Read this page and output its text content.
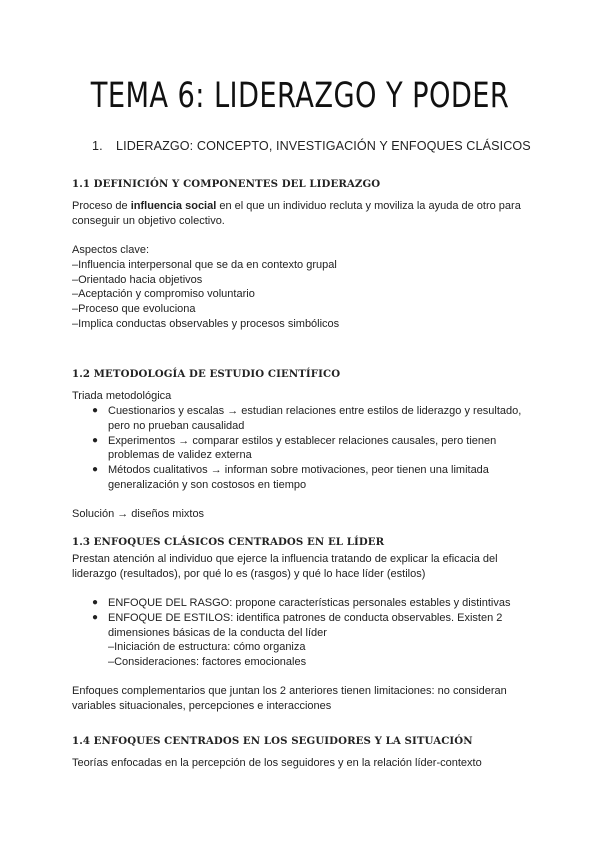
TEMA 6: LIDERAZGO Y PODER
1. LIDERAZGO: CONCEPTO, INVESTIGACIÓN Y ENFOQUES CLÁSICOS
1.1 DEFINICIÓN Y COMPONENTES DEL LIDERAZGO
Proceso de influencia social en el que un individuo recluta y moviliza la ayuda de otro para
conseguir un objetivo colectivo.
Aspectos clave:
–Influencia interpersonal que se da en contexto grupal
–Orientado hacia objetivos
–Aceptación y compromiso voluntario
–Proceso que evoluciona
–Implica conductas observables y procesos simbólicos
1.2 METODOLOGÍA DE ESTUDIO CIENTÍFICO
Triada metodológica
● Cuestionarios y escalas → estudian relaciones entre estilos de liderazgo y resultado,
pero no prueban causalidad
● Experimentos → comparar estilos y establecer relaciones causales, pero tienen
problemas de validez externa
● Métodos cualitativos → informan sobre motivaciones, peor tienen una limitada
generalización y son costosos en tiempo
Solución → diseños mixtos
1.3 ENFOQUES CLÁSICOS CENTRADOS EN EL LÍDER
Prestan atención al individuo que ejerce la influencia tratando de explicar la eficacia del
liderazgo (resultados), por qué lo es (rasgos) y qué lo hace líder (estilos)
● ENFOQUE DEL RASGO: propone características personales estables y distintivas
● ENFOQUE DE ESTILOS: identifica patrones de conducta observables. Existen 2
dimensiones básicas de la conducta del líder
–Iniciación de estructura: cómo organiza
–Consideraciones: factores emocionales
Enfoques complementarios que juntan los 2 anteriores tienen limitaciones: no consideran
variables situacionales, percepciones e interacciones
1.4 ENFOQUES CENTRADOS EN LOS SEGUIDORES Y LA SITUACIÓN
Teorías enfocadas en la percepción de los seguidores y en la relación líder-contexto
